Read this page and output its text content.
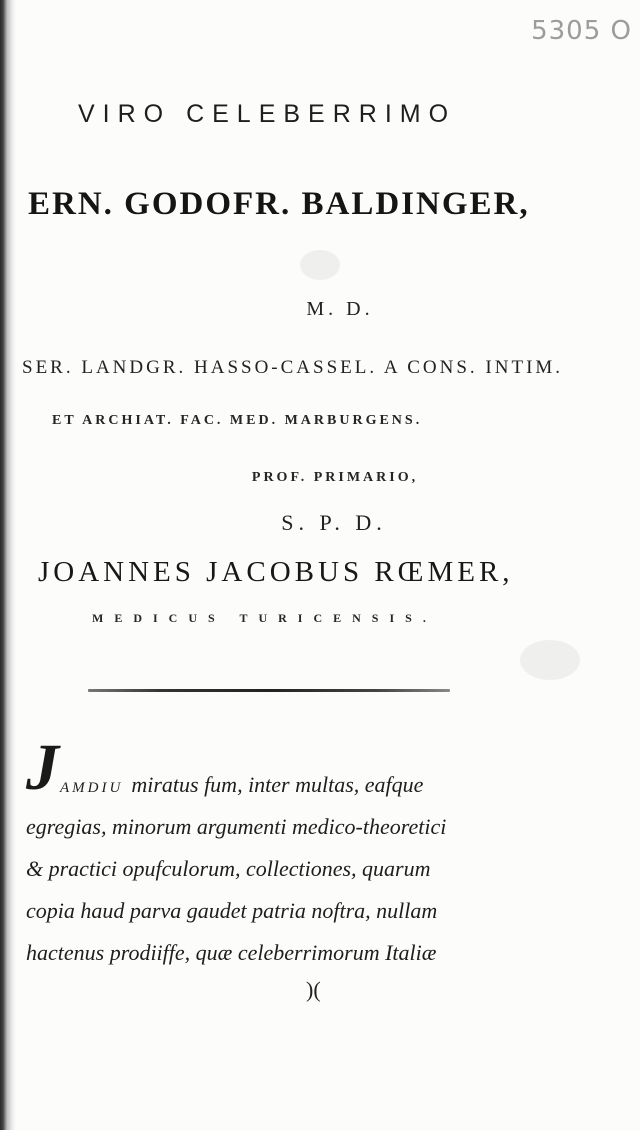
5305 O
VIRO CELEBERRIMO
ERN. GODOFR. BALDINGER,
M. D.
SER. LANDGR. HASSO-CASSEL. A CONS. INTIM.
ET ARCHIAT. FAC. MED. MARBURGENS.
PROF. PRIMARIO,
S. P. D.
JOANNES JACOBUS RŒMER,
MEDICUS TURICENSIS.
J AMDIU miratus fum, inter multas, eafque
egregias, minorum argumenti medico-theoretici
& practici opufculorum, collectiones, quarum
copia haud parva gaudet patria noftra, nullam
hactenus prodiiffe, quæ celeberrimorum Italiæ
)(
